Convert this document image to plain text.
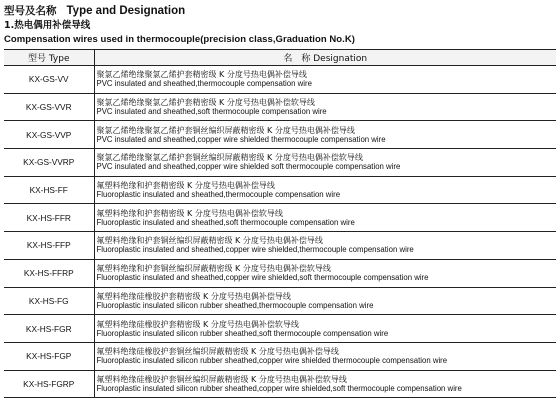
型号及名称 Type and Designation
1.热电偶用补偿导线
Compensation wires used in thermocouple(precision class,Graduation No.K)
型号 Type	名　称 Designation
KX-GS-VV	聚氯乙烯绝缘聚氯乙烯护套精密级 K 分度号热电偶补偿导线
PVC insulated and sheathed,thermocouple compensation wire

KX-GS-VVR	聚氯乙烯绝缘聚氯乙烯护套精密级 K 分度号热电偶补偿软导线
PVC insulated and sheathed,soft thermocouple compensation wire

KX-GS-VVP	聚氯乙烯绝缘聚氯乙烯护套铜丝编织屏蔽精密级 K 分度号热电偶补偿导线
PVC insulated and sheathed,copper wire shielded thermocouple compensation wire

KX-GS-VVRP	聚氯乙烯绝缘聚氯乙烯护套铜丝编织屏蔽精密级 K 分度号热电偶补偿软导线
PVC insulated and sheathed,copper wire shielded soft thermocouple compensation wire

KX-HS-FF	氟塑料绝缘和护套精密级 K 分度号热电偶补偿导线
Fluoroplastic insulated and sheathed,thermocouple compensation wire

KX-HS-FFR	氟塑料绝缘和护套精密级 K 分度号热电偶补偿软导线
Fluoroplastic insulated and sheathed,soft thermocouple compensation wire

KX-HS-FFP	氟塑料绝缘和护套铜丝编织屏蔽精密级 K 分度号热电偶补偿导线
Fluoroplastic insulated and sheathed,copper wire shielded,thermocouple compensation wire

KX-HS-FFRP	氟塑料绝缘和护套铜丝编织屏蔽精密级 K 分度号热电偶补偿软导线
Fluoroplastic insulated and sheathed,copper wire shielded,soft thermocouple compensation wire

KX-HS-FG	氟塑料绝缘硅橡胶护套精密级 K 分度号热电偶补偿导线
Fluoroplastic insulated silicon rubber sheathed,thermocouple compensation wire

KX-HS-FGR	氟塑料绝缘硅橡胶护套精密级 K 分度号热电偶补偿软导线
Fluoroplastic insulated silicon rubber sheathed,soft thermocouple compensation wire

KX-HS-FGP	氟塑料绝缘硅橡胶护套铜丝编织屏蔽精密级 K 分度号热电偶补偿导线
Fluoroplastic insulated silicon rubber sheathed,copper wire shielded thermocouple compensation wire

KX-HS-FGRP	氟塑料绝缘硅橡胶护套铜丝编织屏蔽精密级 K 分度号热电偶补偿软导线
Fluoroplastic insulated silicon rubber sheathed,copper wire shielded,soft thermocouple compensation wire
